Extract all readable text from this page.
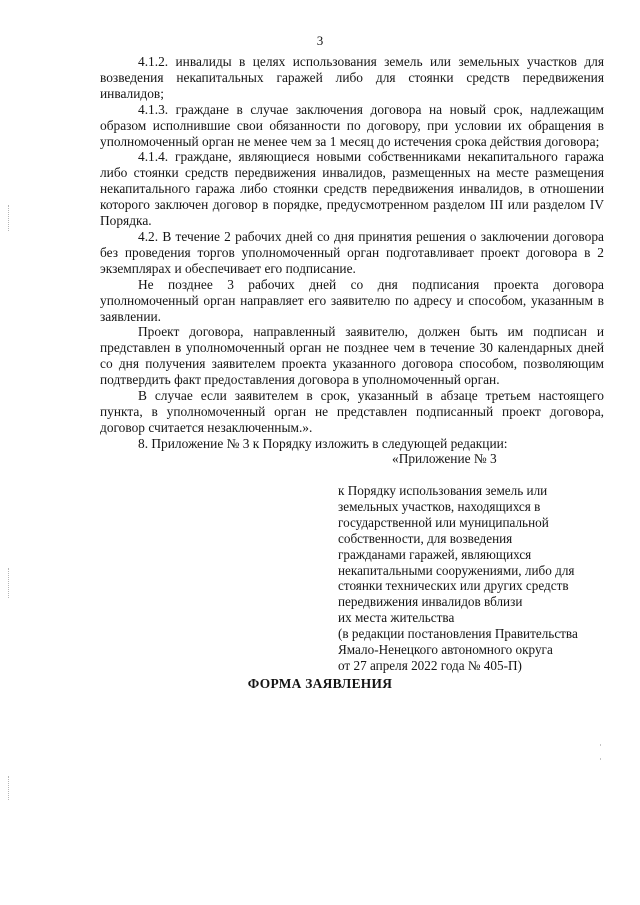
3

4.1.2. инвалиды в целях использования земель или земельных участков для возведения некапитальных гаражей либо для стоянки средств передвижения инвалидов;

4.1.3. граждане в случае заключения договора на новый срок, надлежащим образом исполнившие свои обязанности по договору, при условии их обращения в уполномоченный орган не менее чем за 1 месяц до истечения срока действия договора;

4.1.4. граждане, являющиеся новыми собственниками некапитального гаража либо стоянки средств передвижения инвалидов, размещенных на месте размещения некапитального гаража либо стоянки средств передвижения инвалидов, в отношении которого заключен договор в порядке, предусмотренном разделом III или разделом IV Порядка.

4.2. В течение 2 рабочих дней со дня принятия решения о заключении договора без проведения торгов уполномоченный орган подготавливает проект договора в 2 экземплярах и обеспечивает его подписание.

Не позднее 3 рабочих дней со дня подписания проекта договора уполномоченный орган направляет его заявителю по адресу и способом, указанным в заявлении.

Проект договора, направленный заявителю, должен быть им подписан и представлен в уполномоченный орган не позднее чем в течение 30 календарных дней со дня получения заявителем проекта указанного договора способом, позволяющим подтвердить факт предоставления договора в уполномоченный орган.

В случае если заявителем в срок, указанный в абзаце третьем настоящего пункта, в уполномоченный орган не представлен подписанный проект договора, договор считается незаключенным.».

8. Приложение № 3 к Порядку изложить в следующей редакции:

«Приложение № 3
к Порядку использования земель или
земельных участков, находящихся в
государственной или муниципальной
собственности, для возведения
гражданами гаражей, являющихся
некапитальными сооружениями, либо для
стоянки технических или других средств
передвижения инвалидов вблизи
их места жительства
(в редакции постановления Правительства
Ямало-Ненецкого автономного округа
от 27 апреля 2022 года № 405-П)
ФОРМА ЗАЯВЛЕНИЯ
